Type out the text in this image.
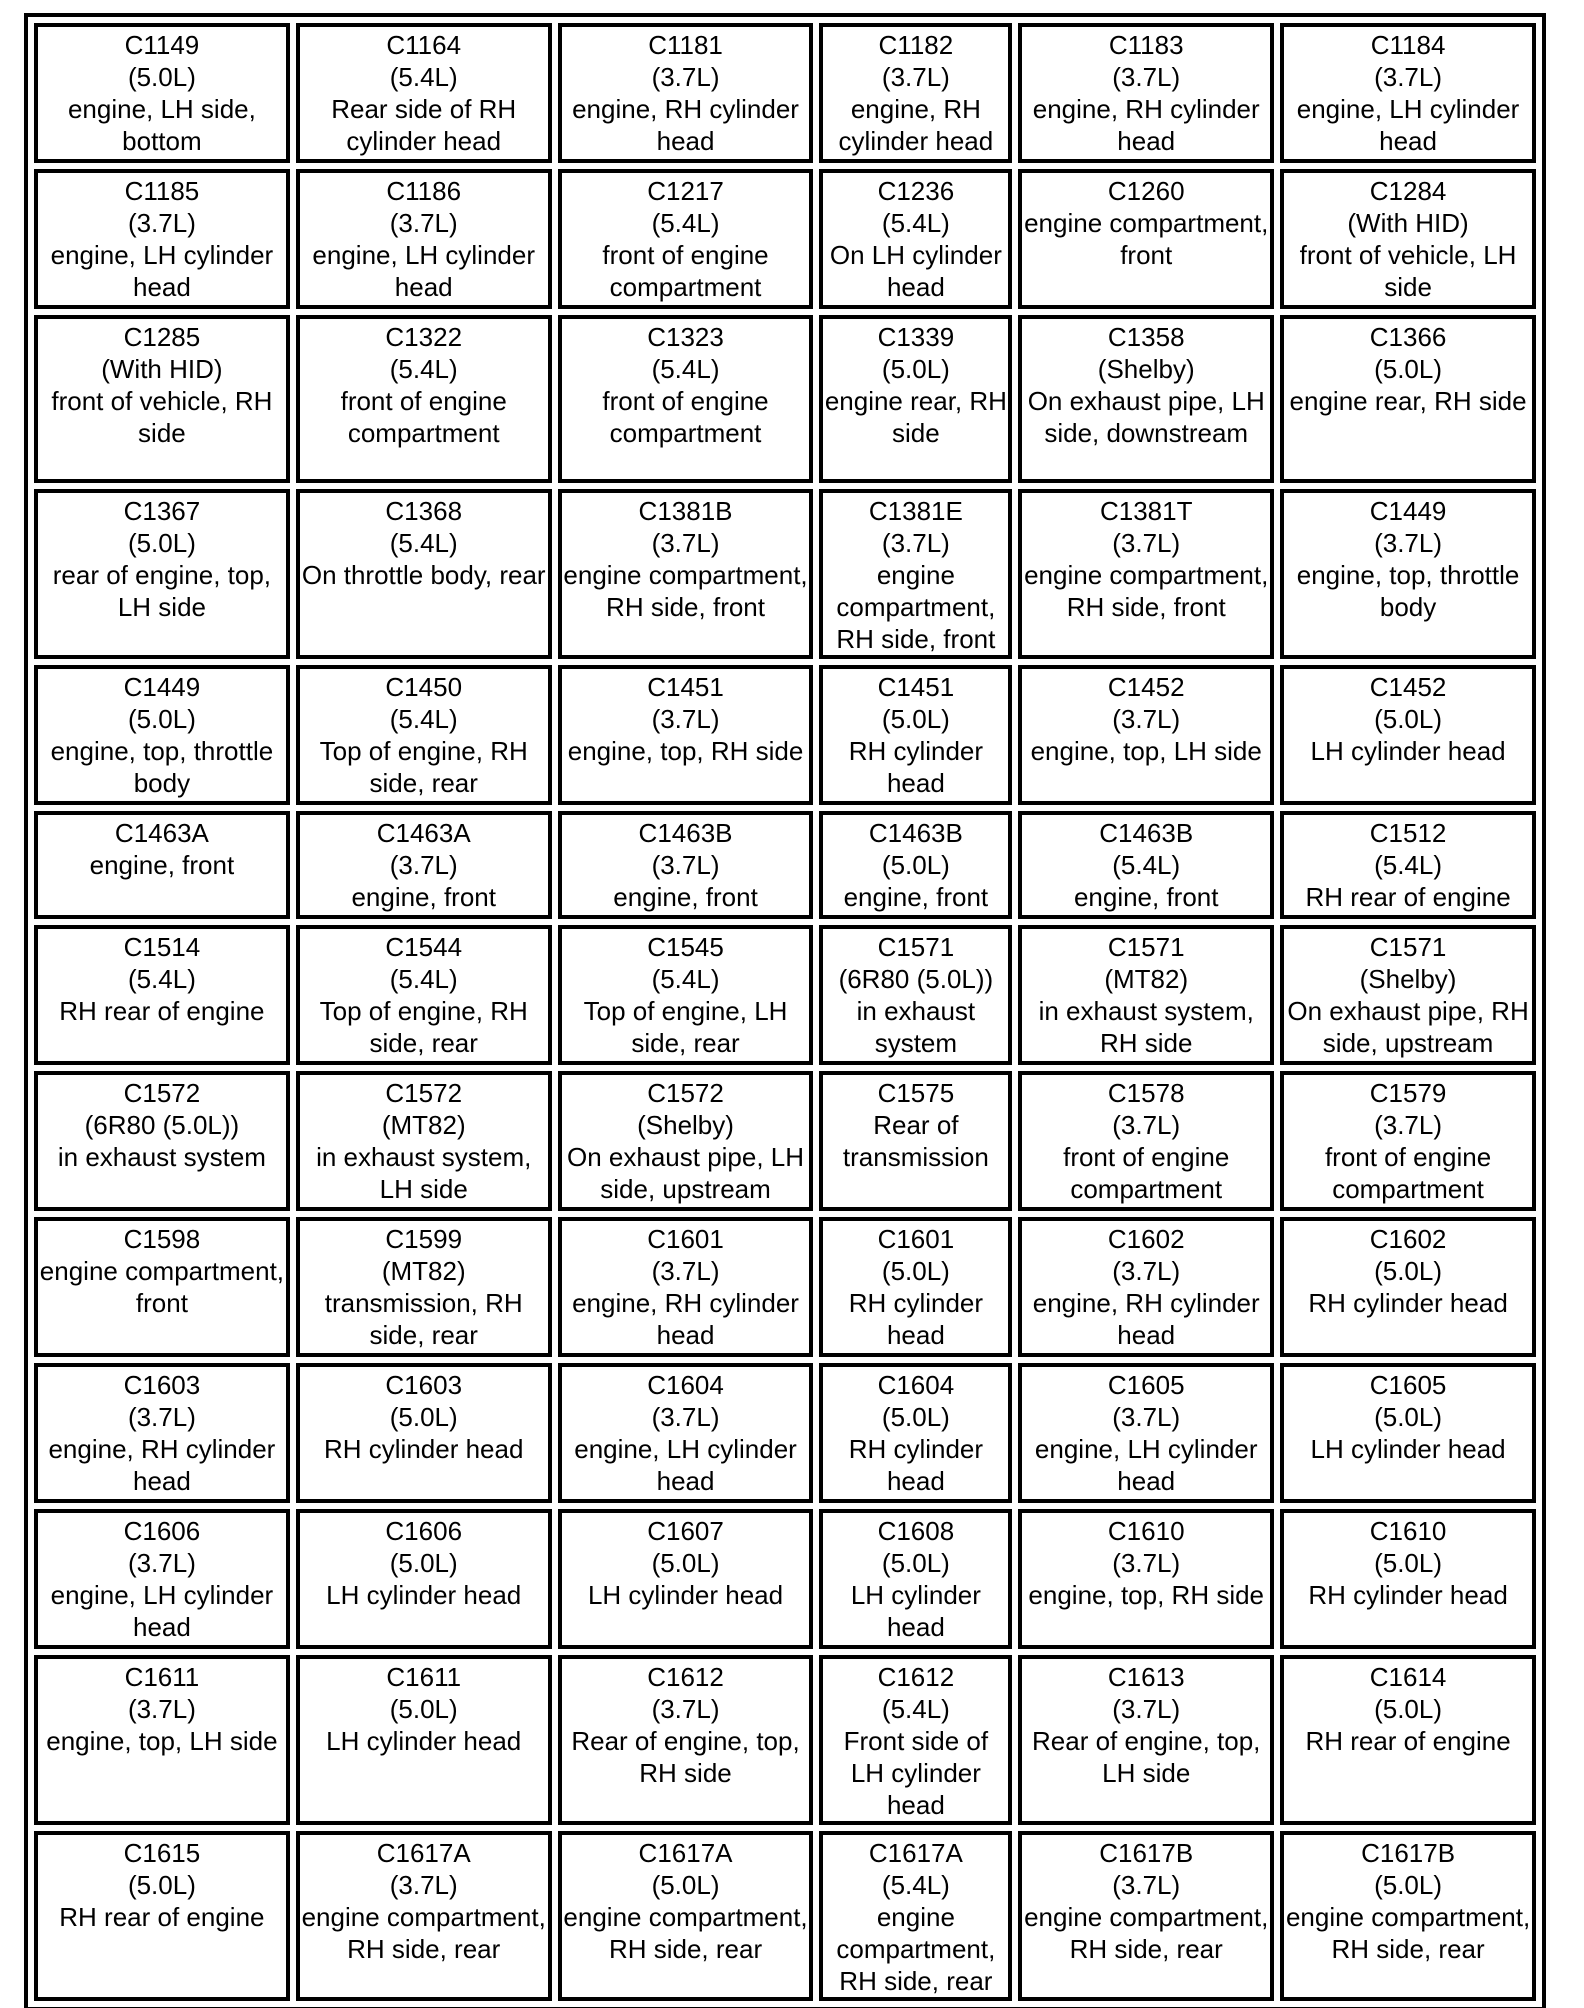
C1149
(5.0L)
engine, LH side, bottom	C1164
(5.4L)
Rear side of RH cylinder head	C1181
(3.7L)
engine, RH cylinder head	C1182
(3.7L)
engine, RH cylinder head	C1183
(3.7L)
engine, RH cylinder head	C1184
(3.7L)
engine, LH cylinder head

C1185
(3.7L)
engine, LH cylinder head	C1186
(3.7L)
engine, LH cylinder head	C1217
(5.4L)
front of engine compartment	C1236
(5.4L)
On LH cylinder head	C1260
engine compartment, front	C1284
(With HID)
front of vehicle, LH side

C1285
(With HID)
front of vehicle, RH side	C1322
(5.4L)
front of engine compartment	C1323
(5.4L)
front of engine compartment	C1339
(5.0L)
engine rear, RH side	C1358
(Shelby)
On exhaust pipe, LH side, downstream	C1366
(5.0L)
engine rear, RH side

C1367
(5.0L)
rear of engine, top, LH side	C1368
(5.4L)
On throttle body, rear	C1381B
(3.7L)
engine compartment, RH side, front	C1381E
(3.7L)
engine compartment, RH side, front	C1381T
(3.7L)
engine compartment, RH side, front	C1449
(3.7L)
engine, top, throttle body

C1449
(5.0L)
engine, top, throttle body	C1450
(5.4L)
Top of engine, RH side, rear	C1451
(3.7L)
engine, top, RH side	C1451
(5.0L)
RH cylinder head	C1452
(3.7L)
engine, top, LH side	C1452
(5.0L)
LH cylinder head

C1463A
engine, front	C1463A
(3.7L)
engine, front	C1463B
(3.7L)
engine, front	C1463B
(5.0L)
engine, front	C1463B
(5.4L)
engine, front	C1512
(5.4L)
RH rear of engine

C1514
(5.4L)
RH rear of engine	C1544
(5.4L)
Top of engine, RH side, rear	C1545
(5.4L)
Top of engine, LH side, rear	C1571
(6R80 (5.0L))
in exhaust system	C1571
(MT82)
in exhaust system, RH side	C1571
(Shelby)
On exhaust pipe, RH side, upstream

C1572
(6R80 (5.0L))
in exhaust system	C1572
(MT82)
in exhaust system, LH side	C1572
(Shelby)
On exhaust pipe, LH side, upstream	C1575
Rear of transmission	C1578
(3.7L)
front of engine compartment	C1579
(3.7L)
front of engine compartment

C1598
engine compartment, front	C1599
(MT82)
transmission, RH side, rear	C1601
(3.7L)
engine, RH cylinder head	C1601
(5.0L)
RH cylinder head	C1602
(3.7L)
engine, RH cylinder head	C1602
(5.0L)
RH cylinder head

C1603
(3.7L)
engine, RH cylinder head	C1603
(5.0L)
RH cylinder head	C1604
(3.7L)
engine, LH cylinder head	C1604
(5.0L)
RH cylinder head	C1605
(3.7L)
engine, LH cylinder head	C1605
(5.0L)
LH cylinder head

C1606
(3.7L)
engine, LH cylinder head	C1606
(5.0L)
LH cylinder head	C1607
(5.0L)
LH cylinder head	C1608
(5.0L)
LH cylinder head	C1610
(3.7L)
engine, top, RH side	C1610
(5.0L)
RH cylinder head

C1611
(3.7L)
engine, top, LH side	C1611
(5.0L)
LH cylinder head	C1612
(3.7L)
Rear of engine, top, RH side	C1612
(5.4L)
Front side of LH cylinder head	C1613
(3.7L)
Rear of engine, top, LH side	C1614
(5.0L)
RH rear of engine

C1615
(5.0L)
RH rear of engine	C1617A
(3.7L)
engine compartment, RH side, rear	C1617A
(5.0L)
engine compartment, RH side, rear	C1617A
(5.4L)
engine compartment, RH side, rear	C1617B
(3.7L)
engine compartment, RH side, rear	C1617B
(5.0L)
engine compartment, RH side, rear
